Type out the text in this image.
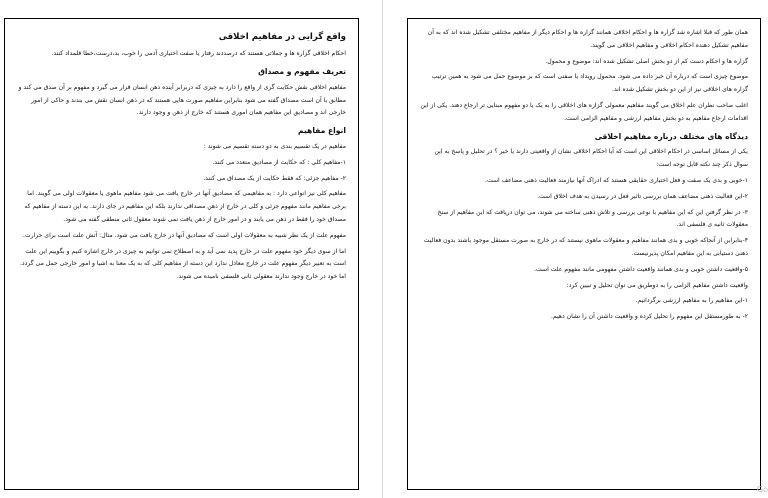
واقع گرایی در مفاهیم اخلاقی

احکام اخلاقی گزاره ها و جملاتی هستند که درصددند رفتار یا صفت اختیاری آدمی را خوب، بد،درست،خطا قلمداد کنند.

تعریف مفهوم و مصداق

مفاهیم اخلاقی نقش حکایت گری از واقع را دارد به چیزی که دربرابر آینده ذهن انسان قرار می گیرد و مفهوم بر آن صدق می کند و مطابق با آن است مصداق گفته می شود بنابراین مفاهیم صورت هایی هستند که در ذهن انسان نقش می بندند و حاکی از امور خارجی اند و مصادیق این مفاهیم همان اموری هستند که خارج از ذهن و وجود دارند.

انواع مفاهیم

مفاهیم در یک تقسیم بندی به دو دسته تقسیم می شوند :

۱-مفاهیم کلی : که حکایت از مصادیق متعدد می کنند.

۲- مفاهیم جزئی: که فقط حکایت از یک مصداق می کنند.

مفاهیم کلی نیز انواعی دارد : به مفاهیمی که مصادیق آنها در خارج یافت می شود مفاهیم ماهوی یا معقولات اولی می گویند. اما برخی مفاهیم مانند مفهوم جزئی و کلی در خارج از ذهن مصداقی ندارند بلکه این مفاهیم در جای دارند. به این دسته از مفاهیم که مصداق خود را فقط در ذهن می یابند و در امور خارج از ذهن یافت نمی شوند معقول ثانی منطقی گفته می شود.

مفهوم علت از یک نظر شبیه به معقولات اولی است که مصادیق آنها در خارج یافت می شود. مثال: آتش علت است برای حرارت.

اما از سوی دیگر خود مفهوم علت در خارج پدید نمی آید و به اصطلاح نمی توانیم به چیزی در خارج اشاره کنیم و بگوییم این علت است به تعبیر دیگر مفهوم علت در خارج معادل ندارد این دسته از مفاهیم کلی که به یک معنا به اشیا و امور خارجی حمل می گردد. اما خود در خارج وجود ندارند معقولی ثانی فلسفی نامیده می شوند.

همان طور که قبلا اشاره شد گزاره ها و احکام اخلاقی همانند گزاره ها و احکام دیگر از مفاهیم مختلفی تشکیل شده اند که به آن مفاهیم تشکیل دهنده احکام اخلاقی و مفاهیم اخلاقی می گویند.

گزاره ها و احکام دست کم از دو بخش اصلی تشکیل شده اند: موضوع و محمول.

موضوع چیزی است که درباره آن خبر داده می شود. محمول رویداد یا صفتی است که بر موضوع حمل می شود به همین ترتیب گزاره های اخلاقی نیز از این دو بخش تشکیل شده اند.

اغلب صاحب نظران علم اخلاق می گویند مفاهیم معمولی گزاره های اخلاقی را به یک یا دو مفهوم مبنایی تر ارجاع دهند. یکی از این اقدامات ارجاع مفاهیم به دو بخش مفاهیم ارزشی و مفاهیم الزامی است.

دیدگاه های مختلف درباره مفاهیم اخلاقی

یکی از مسائل اساسی در احکام اخلاقی این است که آیا احکام اخلاقی نشان از واقعیتی دارند یا خیر ؟ در تحلیل و پاسخ به این سوال ذکر چند نکته قابل توجه است:

۱-خوبی و بدی یک صفت و فعل اختیاری حقایقی هستند که ادراک آنها نیازمند فعالیت ذهنی مضاعف است.

۲-این فعالیت ذهنی مضاعف همان بررسی تاثیر فعل در رسیدن به هدف اخلاق است.

۳- در نظر گرفتن این که این مفاهیم با نوعی بررسی و تلاش ذهنی ساخته می شوند، می توان دریافت که این مفاهیم از سنخ معقولات ثانیه ی فلسفی اند.

۴-بنابراین از آنجاکه خوبی و بدی همانند مفاهیم و معقولات ماهوی نیستند که در خارج به صورت مستقل موجود باشند بدون فعالیت ذهنی دستیابی به این مفاهیم امکان پذیرنیست.

۵-واقعیت داشتن خوبی و بدی همانند واقعیت داشتن مفهومی مانند مفهوم علت است.

واقعیت داشتن مفاهیم الزامی را به دوطریق می توان تحلیل و تبیین کرد:

۱-این مفاهیم را به مفاهیم ارزشی برگردانیم.

۲- به طورمستقل این مفهوم را تحلیل کرده و واقعیت داشتن آن را نشان دهیم.

Go
